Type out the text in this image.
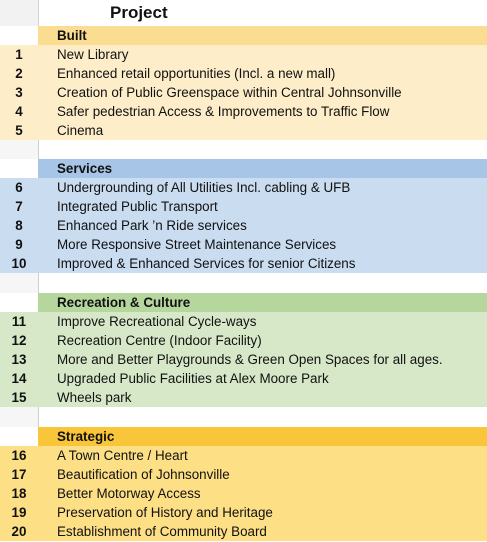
Project
Built
1	New Library
2	Enhanced retail opportunities (Incl. a new mall)
3	Creation of Public Greenspace within Central Johnsonville
4	Safer pedestrian Access & Improvements to Traffic Flow
5	Cinema
Services
6	Undergrounding of All Utilities Incl. cabling & UFB
7	Integrated Public Transport
8	Enhanced Park ’n Ride services
9	More Responsive Street Maintenance Services
10	Improved & Enhanced Services for senior Citizens
Recreation & Culture
11	Improve Recreational Cycle-ways
12	Recreation Centre (Indoor Facility)
13	More and Better Playgrounds & Green Open Spaces for all ages.
14	Upgraded Public Facilities at Alex Moore Park
15	Wheels park
Strategic
16	A Town Centre / Heart
17	Beautification of Johnsonville
18	Better Motorway Access
19	Preservation of History and Heritage
20	Establishment of Community Board
